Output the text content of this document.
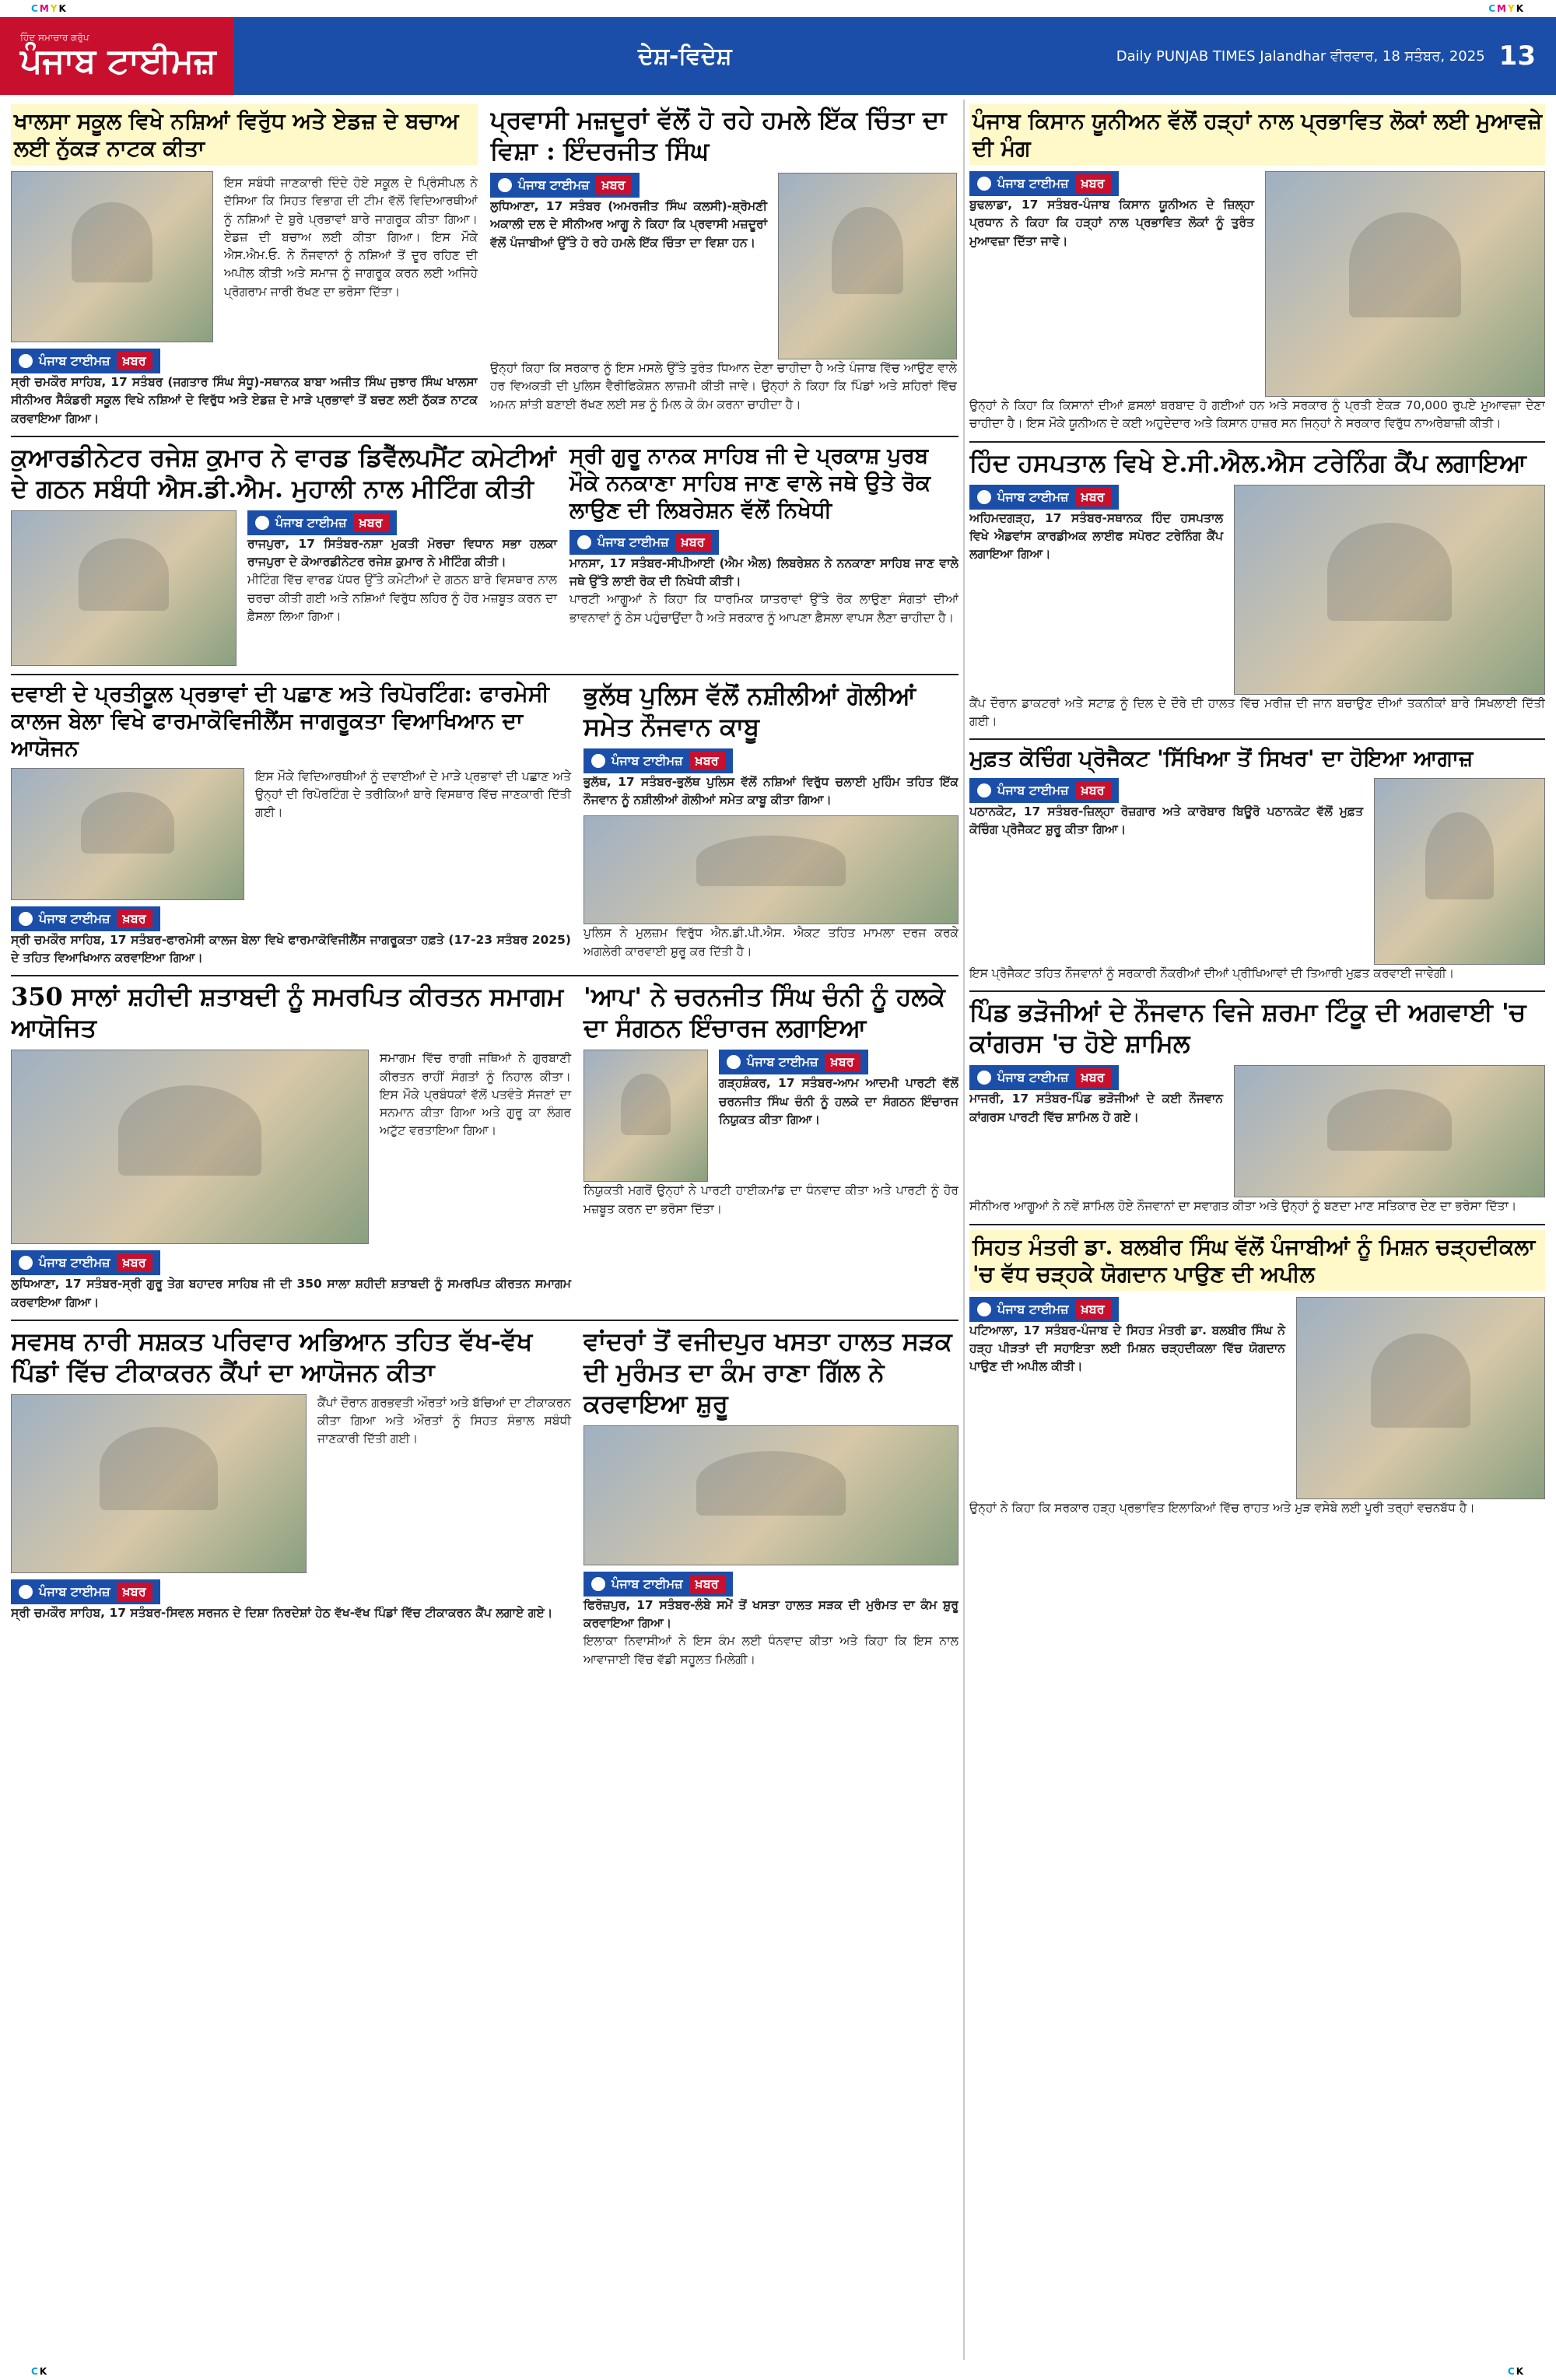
CMYK	CMYK
ਹਿੰਦ ਸਮਾਚਾਰ ਗਰੁੱਪ
ਪੰਜਾਬ ਟਾਈਮਜ਼	ਦੇਸ਼-ਵਿਦੇਸ਼	Daily PUNJAB TIMES Jalandhar ਵੀਰਵਾਰ, 18 ਸਤੰਬਰ, 2025 13
ਖਾਲਸਾ ਸਕੂਲ ਵਿਖੇ ਨਸ਼ਿਆਂ ਵਿਰੁੱਧ ਅਤੇ ਏਡਜ਼ ਦੇ ਬਚਾਅ ਲਈ ਨੁੱਕੜ ਨਾਟਕ ਕੀਤਾ

ਇਸ ਸਬੰਧੀ ਜਾਣਕਾਰੀ ਦਿੰਦੇ ਹੋਏ ਸਕੂਲ ਦੇ ਪ੍ਰਿੰਸੀਪਲ ਨੇ ਦੱਸਿਆ ਕਿ ਸਿਹਤ ਵਿਭਾਗ ਦੀ ਟੀਮ ਵੱਲੋਂ ਵਿਦਿਆਰਥੀਆਂ ਨੂੰ ਨਸ਼ਿਆਂ ਦੇ ਬੁਰੇ ਪ੍ਰਭਾਵਾਂ ਬਾਰੇ ਜਾਗਰੂਕ ਕੀਤਾ ਗਿਆ। ਏਡਜ਼ ਦੀ ਬਚਾਅ ਲਈ ਕੀਤਾ ਗਿਆ। ਇਸ ਮੌਕੇ ਐਸ.ਐਮ.ਓ. ਨੇ ਨੌਜਵਾਨਾਂ ਨੂੰ ਨਸ਼ਿਆਂ ਤੋਂ ਦੂਰ ਰਹਿਣ ਦੀ ਅਪੀਲ ਕੀਤੀ ਅਤੇ ਸਮਾਜ ਨੂੰ ਜਾਗਰੂਕ ਕਰਨ ਲਈ ਅਜਿਹੇ ਪ੍ਰੋਗਰਾਮ ਜਾਰੀ ਰੱਖਣ ਦਾ ਭਰੋਸਾ ਦਿੱਤਾ।

ਪੰਜਾਬ ਟਾਈਮਜ਼	ਖ਼ਬਰ
ਸ੍ਰੀ ਚਮਕੌਰ ਸਾਹਿਬ, 17 ਸਤੰਬਰ (ਜਗਤਾਰ ਸਿੰਘ ਸੰਧੂ)-ਸਥਾਨਕ ਬਾਬਾ ਅਜੀਤ ਸਿੰਘ ਜੁਝਾਰ ਸਿੰਘ ਖਾਲਸਾ ਸੀਨੀਅਰ ਸੈਕੰਡਰੀ ਸਕੂਲ ਵਿਖੇ ਨਸ਼ਿਆਂ ਦੇ ਵਿਰੁੱਧ ਅਤੇ ਏਡਜ਼ ਦੇ ਮਾੜੇ ਪ੍ਰਭਾਵਾਂ ਤੋਂ ਬਚਣ ਲਈ ਨੁੱਕੜ ਨਾਟਕ ਕਰਵਾਇਆ ਗਿਆ।
ਪ੍ਰਵਾਸੀ ਮਜ਼ਦੂਰਾਂ ਵੱਲੋਂ ਹੋ ਰਹੇ ਹਮਲੇ ਇੱਕ ਚਿੰਤਾ ਦਾ ਵਿਸ਼ਾ : ਇੰਦਰਜੀਤ ਸਿੰਘ
ਪੰਜਾਬ ਟਾਈਮਜ਼	ਖ਼ਬਰ
ਲੁਧਿਆਣਾ, 17 ਸਤੰਬਰ (ਅਮਰਜੀਤ ਸਿੰਘ ਕਲਸੀ)-ਸ਼੍ਰੋਮਣੀ ਅਕਾਲੀ ਦਲ ਦੇ ਸੀਨੀਅਰ ਆਗੂ ਨੇ ਕਿਹਾ ਕਿ ਪ੍ਰਵਾਸੀ ਮਜ਼ਦੂਰਾਂ ਵੱਲੋਂ ਪੰਜਾਬੀਆਂ ਉੱਤੇ ਹੋ ਰਹੇ ਹਮਲੇ ਇੱਕ ਚਿੰਤਾ ਦਾ ਵਿਸ਼ਾ ਹਨ।
ਉਨ੍ਹਾਂ ਕਿਹਾ ਕਿ ਸਰਕਾਰ ਨੂੰ ਇਸ ਮਸਲੇ ਉੱਤੇ ਤੁਰੰਤ ਧਿਆਨ ਦੇਣਾ ਚਾਹੀਦਾ ਹੈ ਅਤੇ ਪੰਜਾਬ ਵਿੱਚ ਆਉਣ ਵਾਲੇ ਹਰ ਵਿਅਕਤੀ ਦੀ ਪੁਲਿਸ ਵੈਰੀਫਿਕੇਸ਼ਨ ਲਾਜ਼ਮੀ ਕੀਤੀ ਜਾਵੇ। ਉਨ੍ਹਾਂ ਨੇ ਕਿਹਾ ਕਿ ਪਿੰਡਾਂ ਅਤੇ ਸ਼ਹਿਰਾਂ ਵਿੱਚ ਅਮਨ ਸ਼ਾਂਤੀ ਬਣਾਈ ਰੱਖਣ ਲਈ ਸਭ ਨੂੰ ਮਿਲ ਕੇ ਕੰਮ ਕਰਨਾ ਚਾਹੀਦਾ ਹੈ।
ਕੁਆਰਡੀਨੇਟਰ ਰਜੇਸ਼ ਕੁਮਾਰ ਨੇ ਵਾਰਡ ਡਿਵੈੱਲਪਮੈਂਟ ਕਮੇਟੀਆਂ ਦੇ ਗਠਨ ਸਬੰਧੀ ਐਸ.ਡੀ.ਐਮ. ਮੁਹਾਲੀ ਨਾਲ ਮੀਟਿੰਗ ਕੀਤੀ
ਪੰਜਾਬ ਟਾਈਮਜ਼	ਖ਼ਬਰ
ਰਾਜਪੁਰਾ, 17 ਸਿਤੰਬਰ-ਨਸ਼ਾ ਮੁਕਤੀ ਮੋਰਚਾ ਵਿਧਾਨ ਸਭਾ ਹਲਕਾ ਰਾਜਪੁਰਾ ਦੇ ਕੋਆਰਡੀਨੇਟਰ ਰਜੇਸ਼ ਕੁਮਾਰ ਨੇ ਮੀਟਿੰਗ ਕੀਤੀ।
ਮੀਟਿੰਗ ਵਿੱਚ ਵਾਰਡ ਪੱਧਰ ਉੱਤੇ ਕਮੇਟੀਆਂ ਦੇ ਗਠਨ ਬਾਰੇ ਵਿਸਥਾਰ ਨਾਲ ਚਰਚਾ ਕੀਤੀ ਗਈ ਅਤੇ ਨਸ਼ਿਆਂ ਵਿਰੁੱਧ ਲਹਿਰ ਨੂੰ ਹੋਰ ਮਜ਼ਬੂਤ ਕਰਨ ਦਾ ਫ਼ੈਸਲਾ ਲਿਆ ਗਿਆ।
ਸ੍ਰੀ ਗੁਰੂ ਨਾਨਕ ਸਾਹਿਬ ਜੀ ਦੇ ਪ੍ਰਕਾਸ਼ ਪੁਰਬ ਮੌਕੇ ਨਨਕਾਣਾ ਸਾਹਿਬ ਜਾਣ ਵਾਲੇ ਜਥੇ ਉਤੇ ਰੋਕ ਲਾਉਣ ਦੀ ਲਿਬਰੇਸ਼ਨ ਵੱਲੋਂ ਨਿਖੇਧੀ
ਪੰਜਾਬ ਟਾਈਮਜ਼	ਖ਼ਬਰ
ਮਾਨਸਾ, 17 ਸਤੰਬਰ-ਸੀਪੀਆਈ (ਐਮ ਐਲ) ਲਿਬਰੇਸ਼ਨ ਨੇ ਨਨਕਾਣਾ ਸਾਹਿਬ ਜਾਣ ਵਾਲੇ ਜਥੇ ਉੱਤੇ ਲਾਈ ਰੋਕ ਦੀ ਨਿਖੇਧੀ ਕੀਤੀ।
ਪਾਰਟੀ ਆਗੂਆਂ ਨੇ ਕਿਹਾ ਕਿ ਧਾਰਮਿਕ ਯਾਤਰਾਵਾਂ ਉੱਤੇ ਰੋਕ ਲਾਉਣਾ ਸੰਗਤਾਂ ਦੀਆਂ ਭਾਵਨਾਵਾਂ ਨੂੰ ਠੇਸ ਪਹੁੰਚਾਉਂਦਾ ਹੈ ਅਤੇ ਸਰਕਾਰ ਨੂੰ ਆਪਣਾ ਫ਼ੈਸਲਾ ਵਾਪਸ ਲੈਣਾ ਚਾਹੀਦਾ ਹੈ।
ਦਵਾਈ ਦੇ ਪ੍ਰਤੀਕੂਲ ਪ੍ਰਭਾਵਾਂ ਦੀ ਪਛਾਣ ਅਤੇ ਰਿਪੋਰਟਿੰਗ: ਫਾਰਮੇਸੀ ਕਾਲਜ ਬੇਲਾ ਵਿਖੇ ਫਾਰਮਾਕੋਵਿਜੀਲੈਂਸ ਜਾਗਰੂਕਤਾ ਵਿਆਖਿਆਨ ਦਾ ਆਯੋਜਨ
ਇਸ ਮੌਕੇ ਵਿਦਿਆਰਥੀਆਂ ਨੂੰ ਦਵਾਈਆਂ ਦੇ ਮਾੜੇ ਪ੍ਰਭਾਵਾਂ ਦੀ ਪਛਾਣ ਅਤੇ ਉਨ੍ਹਾਂ ਦੀ ਰਿਪੋਰਟਿੰਗ ਦੇ ਤਰੀਕਿਆਂ ਬਾਰੇ ਵਿਸਥਾਰ ਵਿੱਚ ਜਾਣਕਾਰੀ ਦਿੱਤੀ ਗਈ।
ਪੰਜਾਬ ਟਾਈਮਜ਼	ਖ਼ਬਰ
ਸ੍ਰੀ ਚਮਕੌਰ ਸਾਹਿਬ, 17 ਸਤੰਬਰ-ਫਾਰਮੇਸੀ ਕਾਲਜ ਬੇਲਾ ਵਿਖੇ ਫਾਰਮਾਕੋਵਿਜੀਲੈਂਸ ਜਾਗਰੂਕਤਾ ਹਫ਼ਤੇ (17-23 ਸਤੰਬਰ 2025) ਦੇ ਤਹਿਤ ਵਿਆਖਿਆਨ ਕਰਵਾਇਆ ਗਿਆ।
ਭੁਲੱਥ ਪੁਲਿਸ ਵੱਲੋਂ ਨਸ਼ੀਲੀਆਂ ਗੋਲੀਆਂ ਸਮੇਤ ਨੌਜਵਾਨ ਕਾਬੂ
ਪੰਜਾਬ ਟਾਈਮਜ਼	ਖ਼ਬਰ
ਭੁਲੱਥ, 17 ਸਤੰਬਰ-ਭੁਲੱਥ ਪੁਲਿਸ ਵੱਲੋਂ ਨਸ਼ਿਆਂ ਵਿਰੁੱਧ ਚਲਾਈ ਮੁਹਿੰਮ ਤਹਿਤ ਇੱਕ ਨੌਜਵਾਨ ਨੂੰ ਨਸ਼ੀਲੀਆਂ ਗੋਲੀਆਂ ਸਮੇਤ ਕਾਬੂ ਕੀਤਾ ਗਿਆ।
ਪੁਲਿਸ ਨੇ ਮੁਲਜ਼ਮ ਵਿਰੁੱਧ ਐਨ.ਡੀ.ਪੀ.ਐਸ. ਐਕਟ ਤਹਿਤ ਮਾਮਲਾ ਦਰਜ ਕਰਕੇ ਅਗਲੇਰੀ ਕਾਰਵਾਈ ਸ਼ੁਰੂ ਕਰ ਦਿੱਤੀ ਹੈ।
350 ਸਾਲਾਂ ਸ਼ਹੀਦੀ ਸ਼ਤਾਬਦੀ ਨੂੰ ਸਮਰਪਿਤ ਕੀਰਤਨ ਸਮਾਗਮ ਆਯੋਜਿਤ
ਸਮਾਗਮ ਵਿੱਚ ਰਾਗੀ ਜਥਿਆਂ ਨੇ ਗੁਰਬਾਣੀ ਕੀਰਤਨ ਰਾਹੀਂ ਸੰਗਤਾਂ ਨੂੰ ਨਿਹਾਲ ਕੀਤਾ। ਇਸ ਮੌਕੇ ਪ੍ਰਬੰਧਕਾਂ ਵੱਲੋਂ ਪਤਵੰਤੇ ਸੱਜਣਾਂ ਦਾ ਸਨਮਾਨ ਕੀਤਾ ਗਿਆ ਅਤੇ ਗੁਰੂ ਕਾ ਲੰਗਰ ਅਟੁੱਟ ਵਰਤਾਇਆ ਗਿਆ।
ਪੰਜਾਬ ਟਾਈਮਜ਼	ਖ਼ਬਰ
ਲੁਧਿਆਣਾ, 17 ਸਤੰਬਰ-ਸ੍ਰੀ ਗੁਰੂ ਤੇਗ ਬਹਾਦਰ ਸਾਹਿਬ ਜੀ ਦੀ 350 ਸਾਲਾ ਸ਼ਹੀਦੀ ਸ਼ਤਾਬਦੀ ਨੂੰ ਸਮਰਪਿਤ ਕੀਰਤਨ ਸਮਾਗਮ ਕਰਵਾਇਆ ਗਿਆ।
'ਆਪ' ਨੇ ਚਰਨਜੀਤ ਸਿੰਘ ਚੰਨੀ ਨੂੰ ਹਲਕੇ ਦਾ ਸੰਗਠਨ ਇੰਚਾਰਜ ਲਗਾਇਆ
ਪੰਜਾਬ ਟਾਈਮਜ਼	ਖ਼ਬਰ
ਗੜ੍ਹਸ਼ੰਕਰ, 17 ਸਤੰਬਰ-ਆਮ ਆਦਮੀ ਪਾਰਟੀ ਵੱਲੋਂ ਚਰਨਜੀਤ ਸਿੰਘ ਚੰਨੀ ਨੂੰ ਹਲਕੇ ਦਾ ਸੰਗਠਨ ਇੰਚਾਰਜ ਨਿਯੁਕਤ ਕੀਤਾ ਗਿਆ।
ਨਿਯੁਕਤੀ ਮਗਰੋਂ ਉਨ੍ਹਾਂ ਨੇ ਪਾਰਟੀ ਹਾਈਕਮਾਂਡ ਦਾ ਧੰਨਵਾਦ ਕੀਤਾ ਅਤੇ ਪਾਰਟੀ ਨੂੰ ਹੋਰ ਮਜ਼ਬੂਤ ਕਰਨ ਦਾ ਭਰੋਸਾ ਦਿੱਤਾ।
ਸਵਸਥ ਨਾਰੀ ਸਸ਼ਕਤ ਪਰਿਵਾਰ ਅਭਿਆਨ ਤਹਿਤ ਵੱਖ-ਵੱਖ ਪਿੰਡਾਂ ਵਿੱਚ ਟੀਕਾਕਰਨ ਕੈਂਪਾਂ ਦਾ ਆਯੋਜਨ ਕੀਤਾ
ਕੈਂਪਾਂ ਦੌਰਾਨ ਗਰਭਵਤੀ ਔਰਤਾਂ ਅਤੇ ਬੱਚਿਆਂ ਦਾ ਟੀਕਾਕਰਨ ਕੀਤਾ ਗਿਆ ਅਤੇ ਔਰਤਾਂ ਨੂੰ ਸਿਹਤ ਸੰਭਾਲ ਸਬੰਧੀ ਜਾਣਕਾਰੀ ਦਿੱਤੀ ਗਈ।
ਪੰਜਾਬ ਟਾਈਮਜ਼	ਖ਼ਬਰ
ਸ੍ਰੀ ਚਮਕੌਰ ਸਾਹਿਬ, 17 ਸਤੰਬਰ-ਸਿਵਲ ਸਰਜਨ ਦੇ ਦਿਸ਼ਾ ਨਿਰਦੇਸ਼ਾਂ ਹੇਠ ਵੱਖ-ਵੱਖ ਪਿੰਡਾਂ ਵਿੱਚ ਟੀਕਾਕਰਨ ਕੈਂਪ ਲਗਾਏ ਗਏ।
ਵਾਂਦਰਾਂ ਤੋਂ ਵਜੀਦਪੁਰ ਖਸਤਾ ਹਾਲਤ ਸੜਕ ਦੀ ਮੁਰੰਮਤ ਦਾ ਕੰਮ ਰਾਣਾ ਗਿੱਲ ਨੇ ਕਰਵਾਇਆ ਸ਼ੁਰੂ
ਪੰਜਾਬ ਟਾਈਮਜ਼	ਖ਼ਬਰ
ਫਿਰੋਜ਼ਪੁਰ, 17 ਸਤੰਬਰ-ਲੰਬੇ ਸਮੇਂ ਤੋਂ ਖਸਤਾ ਹਾਲਤ ਸੜਕ ਦੀ ਮੁਰੰਮਤ ਦਾ ਕੰਮ ਸ਼ੁਰੂ ਕਰਵਾਇਆ ਗਿਆ।
ਇਲਾਕਾ ਨਿਵਾਸੀਆਂ ਨੇ ਇਸ ਕੰਮ ਲਈ ਧੰਨਵਾਦ ਕੀਤਾ ਅਤੇ ਕਿਹਾ ਕਿ ਇਸ ਨਾਲ ਆਵਾਜਾਈ ਵਿੱਚ ਵੱਡੀ ਸਹੂਲਤ ਮਿਲੇਗੀ।
ਪੰਜਾਬ ਕਿਸਾਨ ਯੂਨੀਅਨ ਵੱਲੋਂ ਹੜ੍ਹਾਂ ਨਾਲ ਪ੍ਰਭਾਵਿਤ ਲੋਕਾਂ ਲਈ ਮੁਆਵਜ਼ੇ ਦੀ ਮੰਗ
ਪੰਜਾਬ ਟਾਈਮਜ਼	ਖ਼ਬਰ
ਬੁਢਲਾਡਾ, 17 ਸਤੰਬਰ-ਪੰਜਾਬ ਕਿਸਾਨ ਯੂਨੀਅਨ ਦੇ ਜ਼ਿਲ੍ਹਾ ਪ੍ਰਧਾਨ ਨੇ ਕਿਹਾ ਕਿ ਹੜ੍ਹਾਂ ਨਾਲ ਪ੍ਰਭਾਵਿਤ ਲੋਕਾਂ ਨੂੰ ਤੁਰੰਤ ਮੁਆਵਜ਼ਾ ਦਿੱਤਾ ਜਾਵੇ।
ਉਨ੍ਹਾਂ ਨੇ ਕਿਹਾ ਕਿ ਕਿਸਾਨਾਂ ਦੀਆਂ ਫ਼ਸਲਾਂ ਬਰਬਾਦ ਹੋ ਗਈਆਂ ਹਨ ਅਤੇ ਸਰਕਾਰ ਨੂੰ ਪ੍ਰਤੀ ਏਕੜ 70,000 ਰੁਪਏ ਮੁਆਵਜ਼ਾ ਦੇਣਾ ਚਾਹੀਦਾ ਹੈ। ਇਸ ਮੌਕੇ ਯੂਨੀਅਨ ਦੇ ਕਈ ਅਹੁਦੇਦਾਰ ਅਤੇ ਕਿਸਾਨ ਹਾਜ਼ਰ ਸਨ ਜਿਨ੍ਹਾਂ ਨੇ ਸਰਕਾਰ ਵਿਰੁੱਧ ਨਾਅਰੇਬਾਜ਼ੀ ਕੀਤੀ।
ਹਿੰਦ ਹਸਪਤਾਲ ਵਿਖੇ ਏ.ਸੀ.ਐਲ.ਐਸ ਟਰੇਨਿੰਗ ਕੈਂਪ ਲਗਾਇਆ
ਪੰਜਾਬ ਟਾਈਮਜ਼	ਖ਼ਬਰ
ਅਹਿਮਦਗੜ੍ਹ, 17 ਸਤੰਬਰ-ਸਥਾਨਕ ਹਿੰਦ ਹਸਪਤਾਲ ਵਿਖੇ ਐਡਵਾਂਸ ਕਾਰਡੀਅਕ ਲਾਈਫ ਸਪੋਰਟ ਟਰੇਨਿੰਗ ਕੈਂਪ ਲਗਾਇਆ ਗਿਆ।
ਕੈਂਪ ਦੌਰਾਨ ਡਾਕਟਰਾਂ ਅਤੇ ਸਟਾਫ਼ ਨੂੰ ਦਿਲ ਦੇ ਦੌਰੇ ਦੀ ਹਾਲਤ ਵਿੱਚ ਮਰੀਜ਼ ਦੀ ਜਾਨ ਬਚਾਉਣ ਦੀਆਂ ਤਕਨੀਕਾਂ ਬਾਰੇ ਸਿਖਲਾਈ ਦਿੱਤੀ ਗਈ।
ਮੁਫ਼ਤ ਕੋਚਿੰਗ ਪ੍ਰੋਜੈਕਟ 'ਸਿੱਖਿਆ ਤੋਂ ਸਿਖਰ' ਦਾ ਹੋਇਆ ਆਗਾਜ਼
ਪੰਜਾਬ ਟਾਈਮਜ਼	ਖ਼ਬਰ
ਪਠਾਨਕੋਟ, 17 ਸਤੰਬਰ-ਜ਼ਿਲ੍ਹਾ ਰੋਜ਼ਗਾਰ ਅਤੇ ਕਾਰੋਬਾਰ ਬਿਊਰੋ ਪਠਾਨਕੋਟ ਵੱਲੋਂ ਮੁਫ਼ਤ ਕੋਚਿੰਗ ਪ੍ਰੋਜੈਕਟ ਸ਼ੁਰੂ ਕੀਤਾ ਗਿਆ।
ਇਸ ਪ੍ਰੋਜੈਕਟ ਤਹਿਤ ਨੌਜਵਾਨਾਂ ਨੂੰ ਸਰਕਾਰੀ ਨੌਕਰੀਆਂ ਦੀਆਂ ਪ੍ਰੀਖਿਆਵਾਂ ਦੀ ਤਿਆਰੀ ਮੁਫ਼ਤ ਕਰਵਾਈ ਜਾਵੇਗੀ।
ਪਿੰਡ ਭੜੋਜੀਆਂ ਦੇ ਨੌਜਵਾਨ ਵਿਜੇ ਸ਼ਰਮਾ ਟਿੰਕੂ ਦੀ ਅਗਵਾਈ 'ਚ ਕਾਂਗਰਸ 'ਚ ਹੋਏ ਸ਼ਾਮਿਲ
ਪੰਜਾਬ ਟਾਈਮਜ਼	ਖ਼ਬਰ
ਮਾਜਰੀ, 17 ਸਤੰਬਰ-ਪਿੰਡ ਭੜੋਜੀਆਂ ਦੇ ਕਈ ਨੌਜਵਾਨ ਕਾਂਗਰਸ ਪਾਰਟੀ ਵਿੱਚ ਸ਼ਾਮਿਲ ਹੋ ਗਏ।
ਸੀਨੀਅਰ ਆਗੂਆਂ ਨੇ ਨਵੇਂ ਸ਼ਾਮਿਲ ਹੋਏ ਨੌਜਵਾਨਾਂ ਦਾ ਸਵਾਗਤ ਕੀਤਾ ਅਤੇ ਉਨ੍ਹਾਂ ਨੂੰ ਬਣਦਾ ਮਾਣ ਸਤਿਕਾਰ ਦੇਣ ਦਾ ਭਰੋਸਾ ਦਿੱਤਾ।
ਸਿਹਤ ਮੰਤਰੀ ਡਾ. ਬਲਬੀਰ ਸਿੰਘ ਵੱਲੋਂ ਪੰਜਾਬੀਆਂ ਨੂੰ ਮਿਸ਼ਨ ਚੜ੍ਹਦੀਕਲਾ 'ਚ ਵੱਧ ਚੜ੍ਹਕੇ ਯੋਗਦਾਨ ਪਾਉਣ ਦੀ ਅਪੀਲ
ਪੰਜਾਬ ਟਾਈਮਜ਼	ਖ਼ਬਰ
ਪਟਿਆਲਾ, 17 ਸਤੰਬਰ-ਪੰਜਾਬ ਦੇ ਸਿਹਤ ਮੰਤਰੀ ਡਾ. ਬਲਬੀਰ ਸਿੰਘ ਨੇ ਹੜ੍ਹ ਪੀੜਤਾਂ ਦੀ ਸਹਾਇਤਾ ਲਈ ਮਿਸ਼ਨ ਚੜ੍ਹਦੀਕਲਾ ਵਿੱਚ ਯੋਗਦਾਨ ਪਾਉਣ ਦੀ ਅਪੀਲ ਕੀਤੀ।
ਉਨ੍ਹਾਂ ਨੇ ਕਿਹਾ ਕਿ ਸਰਕਾਰ ਹੜ੍ਹ ਪ੍ਰਭਾਵਿਤ ਇਲਾਕਿਆਂ ਵਿੱਚ ਰਾਹਤ ਅਤੇ ਮੁੜ ਵਸੇਬੇ ਲਈ ਪੂਰੀ ਤਰ੍ਹਾਂ ਵਚਨਬੱਧ ਹੈ।
CK	CK
